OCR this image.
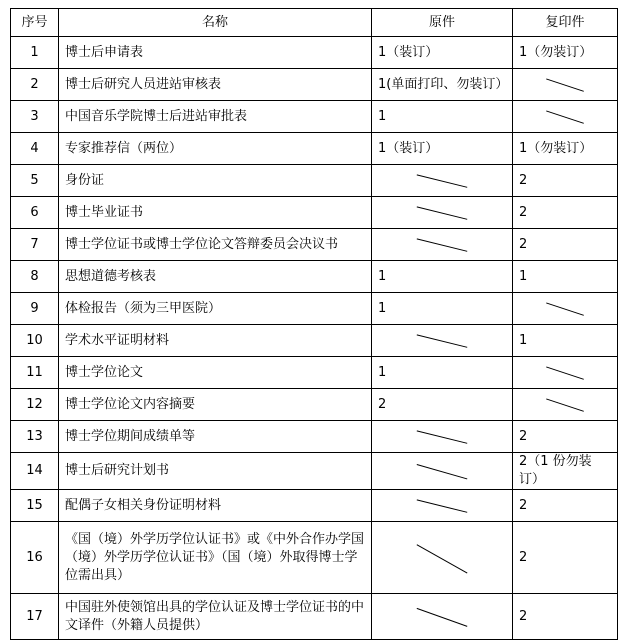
序号	名称	原件	复印件
1	博士后申请表	1（装订）	1（勿装订）
2	博士后研究人员进站审核表	1(单面打印、勿装订）	

3	中国音乐学院博士后进站审批表	1	

4	专家推荐信（两位）	1（装订）	1（勿装订）
5	身份证		2
6	博士毕业证书		2
7	博士学位证书或博士学位论文答辩委员会决议书		2
8	思想道德考核表	1	1
9	体检报告（须为三甲医院）	1	

10	学术水平证明材料		1
11	博士学位论文	1	

12	博士学位论文内容摘要	2	

13	博士学位期间成绩单等		2
14	博士后研究计划书		2（1 份勿装订）
15	配偶子女相关身份证明材料		2
16	《国（境）外学历学位认证书》或《中外合作办学国（境）外学历学位认证书》（国（境）外取得博士学位需出具）		2
17	中国驻外使领馆出具的学位认证及博士学位证书的中文译件（外籍人员提供）		2
